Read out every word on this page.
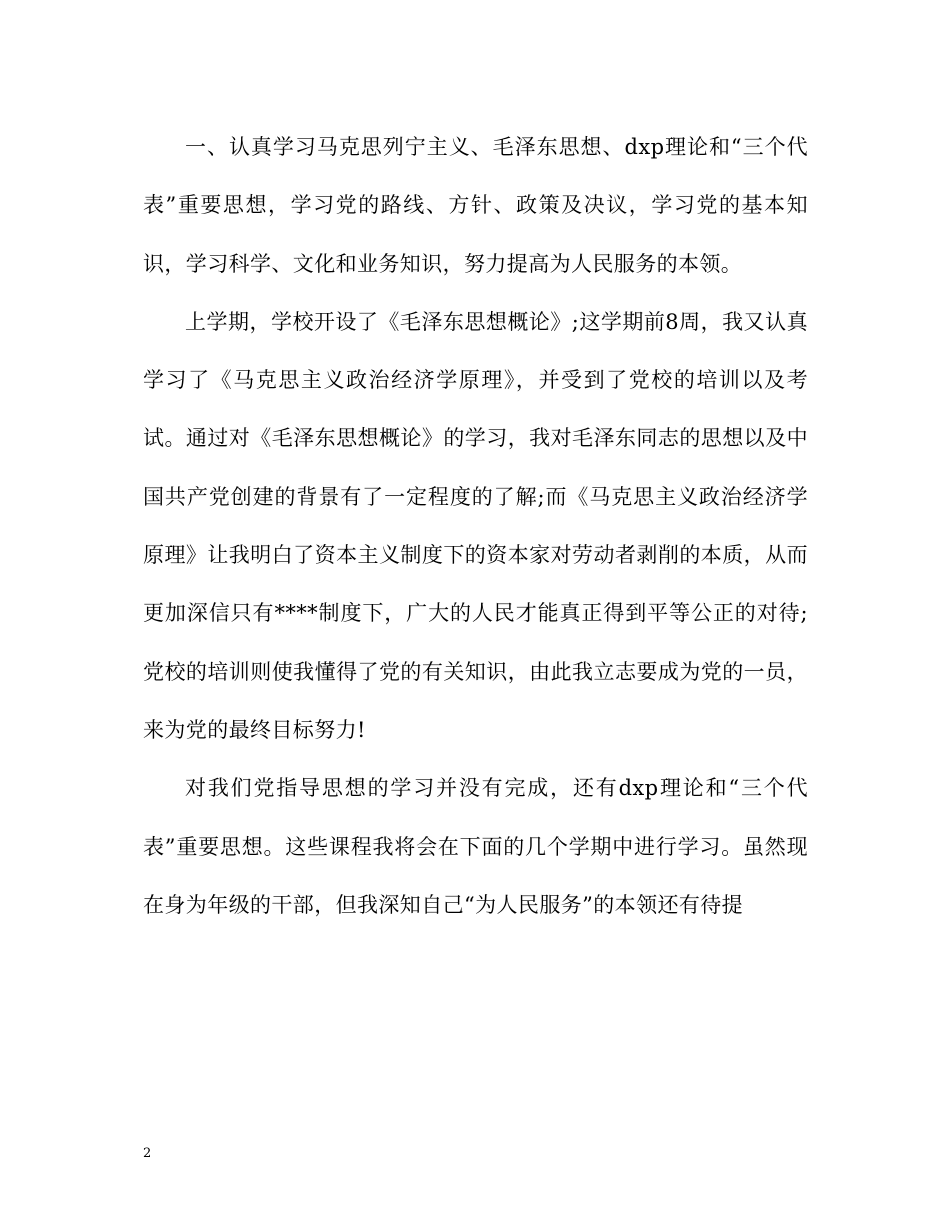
一、认真学习马克思列宁主义、毛泽东思想、dxp理论和“三个代表”重要思想，学习党的路线、方针、政策及决议，学习党的基本知识，学习科学、文化和业务知识，努力提高为人民服务的本领。

上学期，学校开设了《毛泽东思想概论》;这学期前8周，我又认真学习了《马克思主义政治经济学原理》，并受到了党校的培训以及考试。通过对《毛泽东思想概论》的学习，我对毛泽东同志的思想以及中国共产党创建的背景有了一定程度的了解;而《马克思主义政治经济学原理》让我明白了资本主义制度下的资本家对劳动者剥削的本质，从而更加深信只有****制度下，广大的人民才能真正得到平等公正的对待;党校的培训则使我懂得了党的有关知识，由此我立志要成为党的一员，来为党的最终目标努力!

对我们党指导思想的学习并没有完成，还有dxp理论和“三个代表”重要思想。这些课程我将会在下面的几个学期中进行学习。虽然现在身为年级的干部，但我深知自己“为人民服务”的本领还有待提

2
